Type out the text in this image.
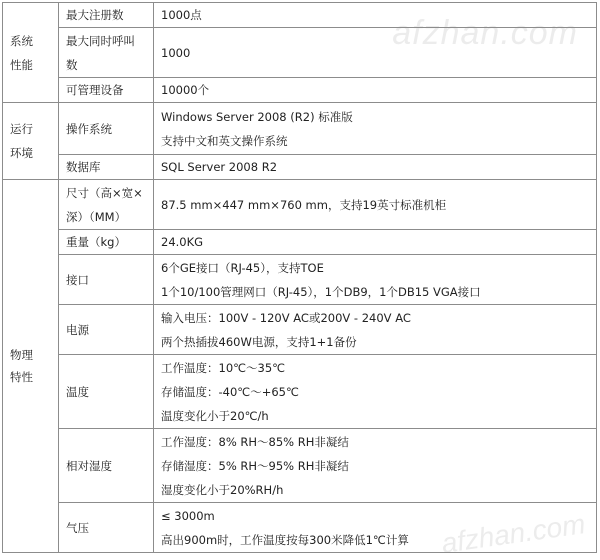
afzhan.com
afzhan.com
系统
性能	最大注册数	1000点

	最大同时呼叫
数	1000

	可管理设备	10000个

运行
环境	操作系统	Windows Server 2008 (R2) 标准版
支持中文和英文操作系统

	数据库	SQL Server 2008 R2

物理
特性	尺寸（高×宽×
深）（MM）	87.5 mm×447 mm×760 mm，支持19英寸标准机柜

	重量（kg）	24.0KG

	接口	6个GE接口（RJ-45），支持TOE
1个10/100管理网口（RJ-45），1个DB9，1个DB15 VGA接口

	电源	输入电压：100V - 120V AC或200V - 240V AC
两个热插拔460W电源，支持1+1备份

	温度	工作温度：10℃～35℃
存储温度：-40℃～+65℃
温度变化小于20℃/h

	相对湿度	工作湿度：8% RH～85% RH非凝结
存储湿度：5% RH～95% RH非凝结
湿度变化小于20%RH/h

	气压	≤ 3000m
高出900m时，工作温度按每300米降低1℃计算
